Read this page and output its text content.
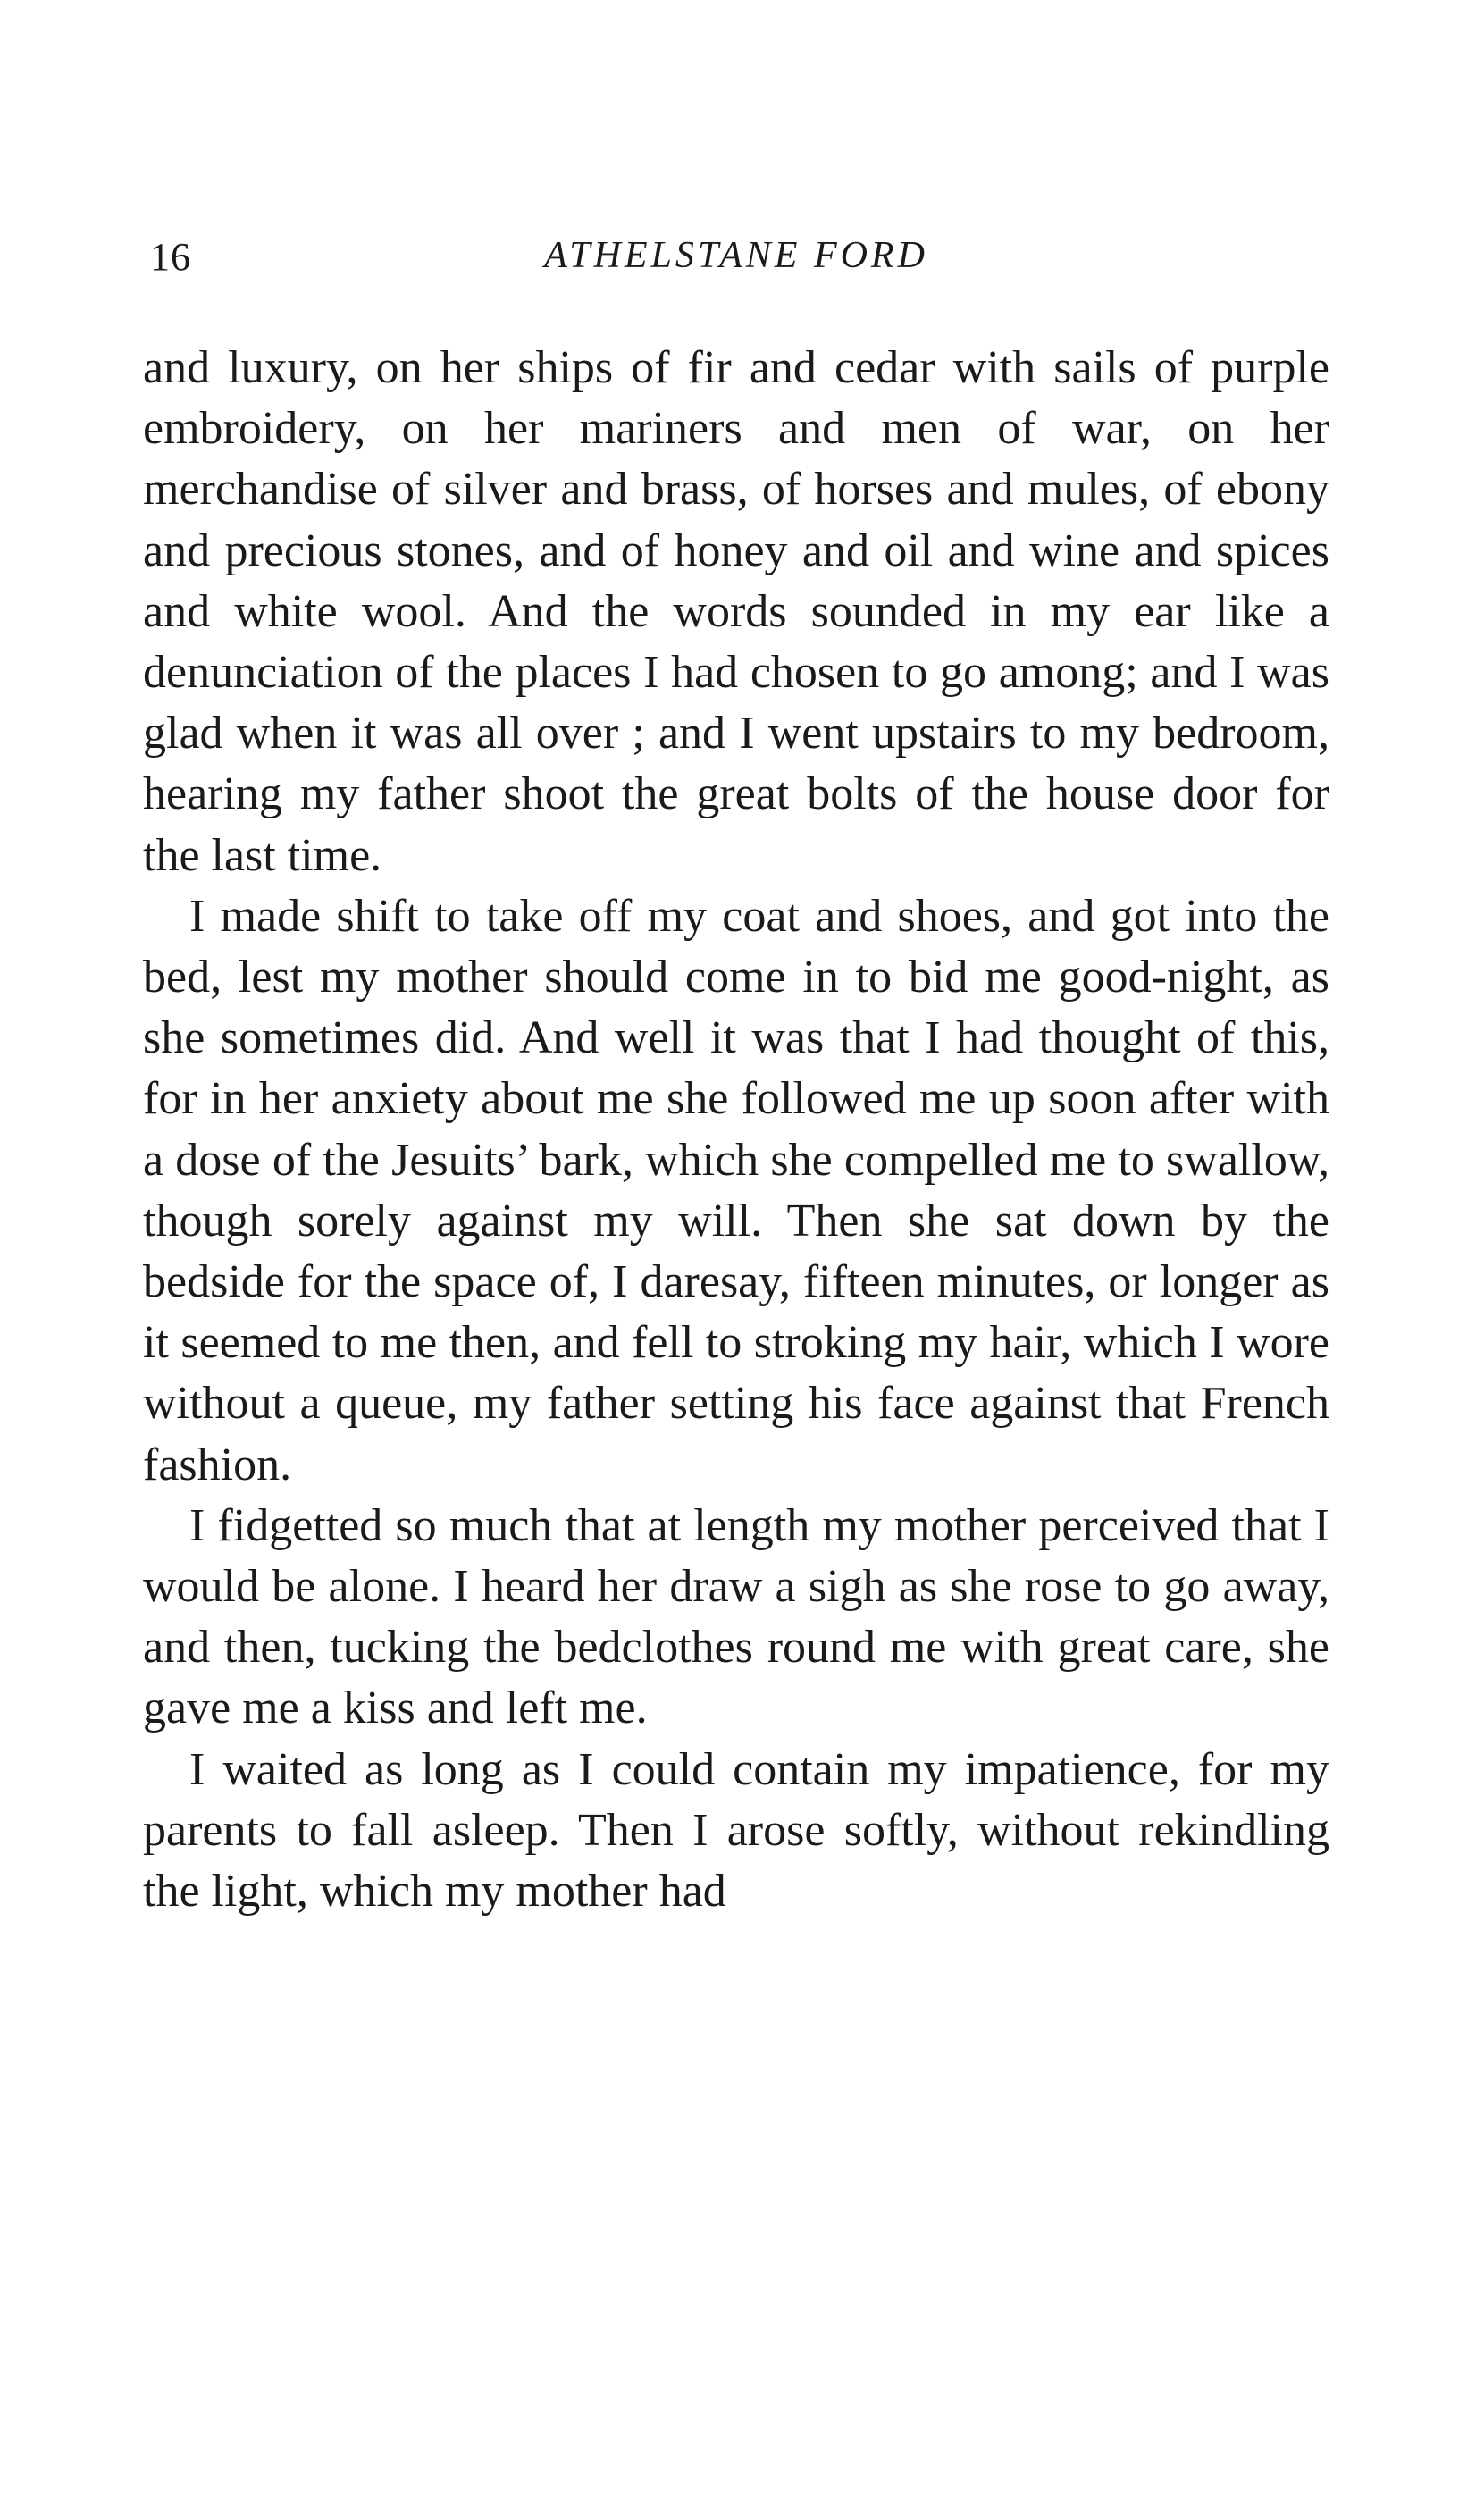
16	ATHELSTANE FORD

and luxury, on her ships of fir and cedar with sails of purple embroidery, on her mariners and men of war, on her merchandise of silver and brass, of horses and mules, of ebony and precious stones, and of honey and oil and wine and spices and white wool. And the words sounded in my ear like a denunciation of the places I had chosen to go among; and I was glad when it was all over ; and I went upstairs to my bedroom, hearing my father shoot the great bolts of the house door for the last time.

I made shift to take off my coat and shoes, and got into the bed, lest my mother should come in to bid me good-night, as she sometimes did. And well it was that I had thought of this, for in her anxiety about me she followed me up soon after with a dose of the Jesuits’ bark, which she compelled me to swallow, though sorely against my will. Then she sat down by the bedside for the space of, I daresay, fifteen minutes, or longer as it seemed to me then, and fell to stroking my hair, which I wore without a queue, my father setting his face against that French fashion.

I fidgetted so much that at length my mother perceived that I would be alone. I heard her draw a sigh as she rose to go away, and then, tucking the bedclothes round me with great care, she gave me a kiss and left me.

I waited as long as I could contain my impatience, for my parents to fall asleep. Then I arose softly, without rekindling the light, which my mother had
